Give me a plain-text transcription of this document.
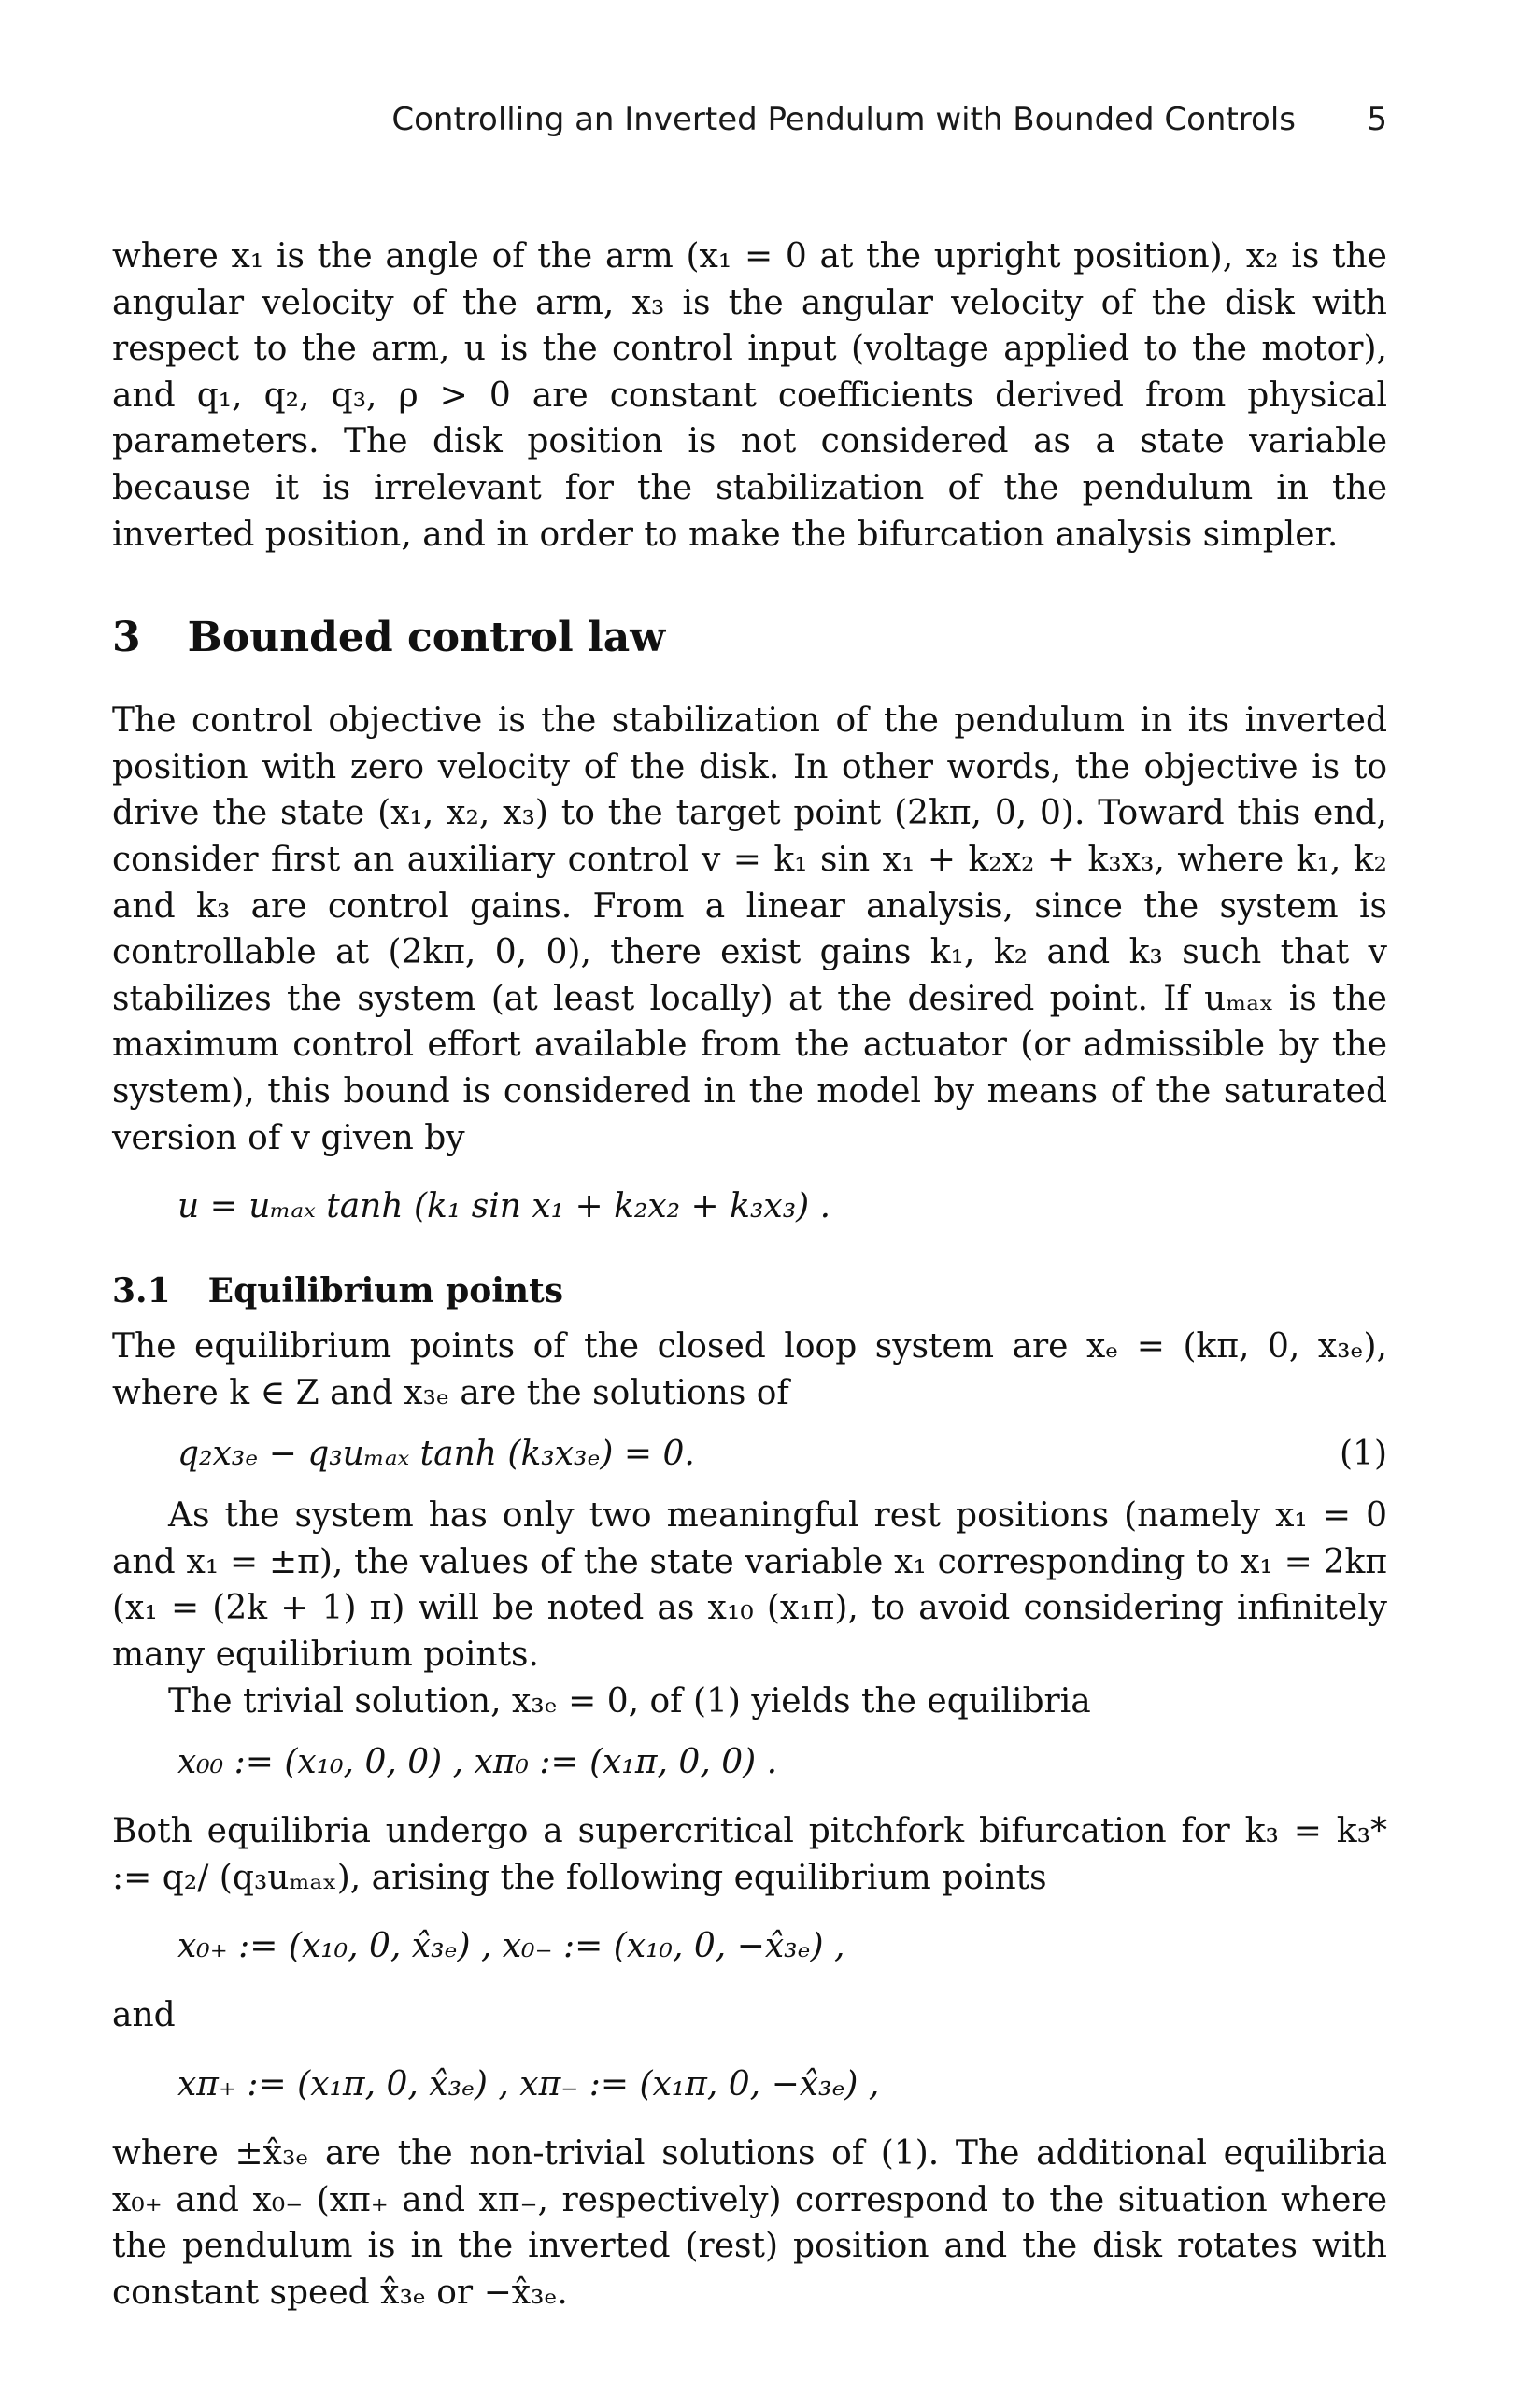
Controlling an Inverted Pendulum with Bounded Controls 5

where x₁ is the angle of the arm (x₁ = 0 at the upright position), x₂ is the angular velocity of the arm, x₃ is the angular velocity of the disk with respect to the arm, u is the control input (voltage applied to the motor), and q₁, q₂, q₃, ρ > 0 are constant coefficients derived from physical parameters. The disk position is not considered as a state variable because it is irrelevant for the stabilization of the pendulum in the inverted position, and in order to make the bifurcation analysis simpler.

3 Bounded control law

The control objective is the stabilization of the pendulum in its inverted position with zero velocity of the disk. In other words, the objective is to drive the state (x₁, x₂, x₃) to the target point (2kπ, 0, 0). Toward this end, consider first an auxiliary control v = k₁ sin x₁ + k₂x₂ + k₃x₃, where k₁, k₂ and k₃ are control gains. From a linear analysis, since the system is controllable at (2kπ, 0, 0), there exist gains k₁, k₂ and k₃ such that v stabilizes the system (at least locally) at the desired point. If uₘₐₓ is the maximum control effort available from the actuator (or admissible by the system), this bound is considered in the model by means of the saturated version of v given by

u = uₘₐₓ tanh (k₁ sin x₁ + k₂x₂ + k₃x₃) .
3.1 Equilibrium points

The equilibrium points of the closed loop system are xₑ = (kπ, 0, x₃ₑ), where k ∈ Z and x₃ₑ are the solutions of

q₂x₃ₑ − q₃uₘₐₓ tanh (k₃x₃ₑ) = 0.	(1)

As the system has only two meaningful rest positions (namely x₁ = 0 and x₁ = ±π), the values of the state variable x₁ corresponding to x₁ = 2kπ (x₁ = (2k + 1) π) will be noted as x₁₀ (x₁π), to avoid considering infinitely many equilibrium points.

The trivial solution, x₃ₑ = 0, of (1) yields the equilibria

x₀₀ := (x₁₀, 0, 0) , xπ₀ := (x₁π, 0, 0) .

Both equilibria undergo a supercritical pitchfork bifurcation for k₃ = k₃* := q₂/ (q₃uₘₐₓ), arising the following equilibrium points

x₀₊ := (x₁₀, 0, x̂₃ₑ) , x₀₋ := (x₁₀, 0, −x̂₃ₑ) ,

and

xπ₊ := (x₁π, 0, x̂₃ₑ) , xπ₋ := (x₁π, 0, −x̂₃ₑ) ,

where ±x̂₃ₑ are the non-trivial solutions of (1). The additional equilibria x₀₊ and x₀₋ (xπ₊ and xπ₋, respectively) correspond to the situation where the pendulum is in the inverted (rest) position and the disk rotates with constant speed x̂₃ₑ or −x̂₃ₑ.
